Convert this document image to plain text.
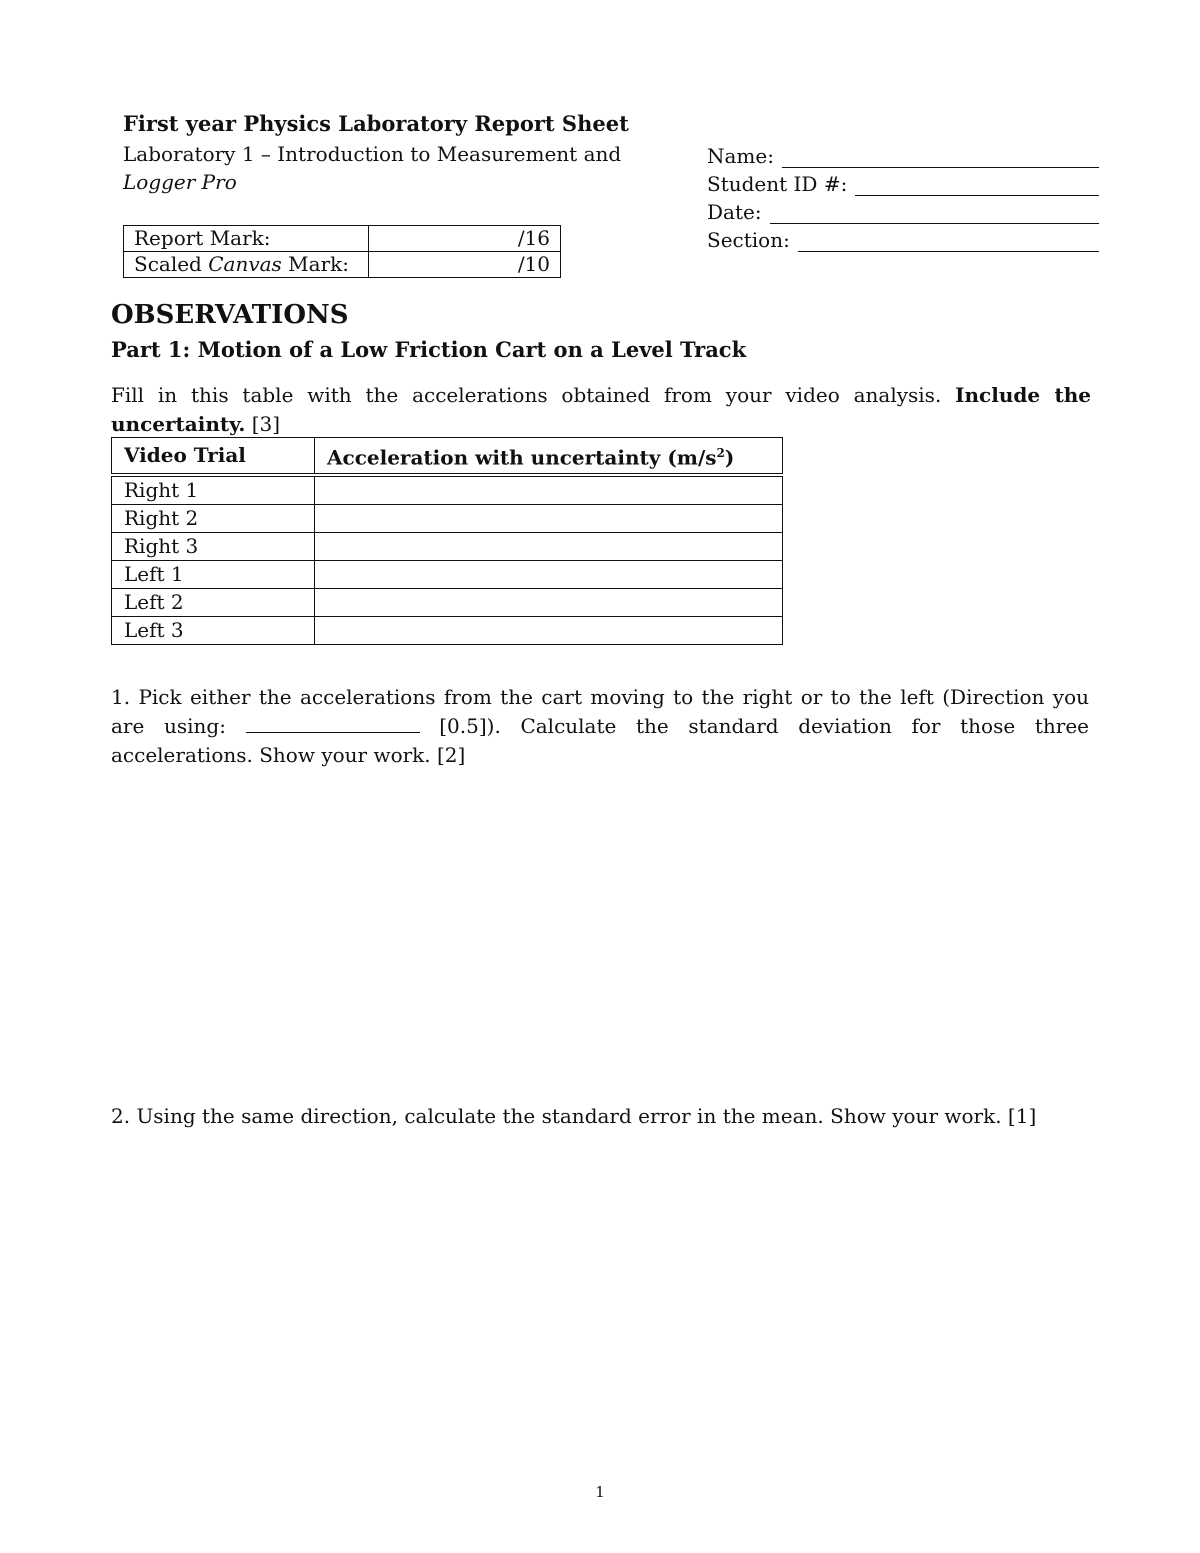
First year Physics Laboratory Report Sheet
Laboratory 1 – Introduction to Measurement and Logger Pro
Report Mark:	/16
Scaled Canvas Mark:	/10
Name:
Student ID #:
Date:
Section:
OBSERVATIONS
Part 1: Motion of a Low Friction Cart on a Level Track
Fill in this table with the accelerations obtained from your video analysis. Include the uncertainty. [3]
Video Trial	Acceleration with uncertainty $(m/s^2)$
Right 1	
Right 2	
Right 3	
Left 1	
Left 2	
Left 3	
1. Pick either the accelerations from the cart moving to the right or to the left (Direction you are using:	[0.5]). Calculate the standard deviation for those three accelerations. Show your work. [2]
2. Using the same direction, calculate the standard error in the mean. Show your work. [1]
1
